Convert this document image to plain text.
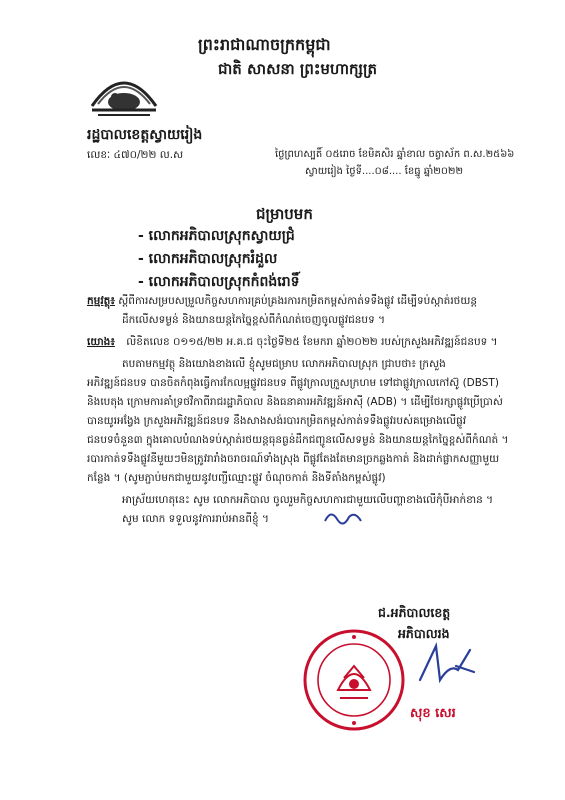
ព្រះរាជាណាចក្រកម្ពុជា
ជាតិ សាសនា ព្រះមហាក្សត្រ
រដ្ឋបាលខេត្តស្វាយរៀង
លេខៈ ៤៧០/២២ ល.ស	ថ្ងៃព្រហស្បតិ៍ ០៥រោច ខែមិគសិរ ឆ្នាំខាល ចត្វាស័ក ព.ស.២៥៦៦
ស្វាយរៀង ថ្ងៃទី....០៨.... ខែធ្នូ ឆ្នាំ២០២២
ជម្រាបមក
- លោកអភិបាលស្រុកស្វាយជ្រំ
- លោកអភិបាលស្រុករំដួល
- លោកអភិបាលស្រុកកំពង់រោទិ៍
កម្មវត្ថុ៖ ស្តីពីការសម្របសម្រួលកិច្ចសហការគ្រប់គ្រងរការកម្រិតកម្ពស់កាត់ទទឹងផ្លូវ ដើម្បីទប់ស្កាត់រថយន្ត
ដឹកលើសទម្ងន់ និងយានយន្តកៃច្នៃខ្ពស់ពីកំណត់ចេញចូលផ្លូវជនបទ ។
យោង៖ លិខិតលេខ ០១១៥/២២ អ.គ.ជ ចុះថ្ងៃទី២៥ ខែមករា ឆ្នាំ២០២២ របស់ក្រសួងអភិវឌ្ឍន៍ជនបទ ។
តបតាមកម្មវត្ថុ និងយោងខាងលើ ខ្ញុំសូមជម្រាប លោកអភិបាលស្រុក ជ្រាបថា៖ ក្រសួង
អភិវឌ្ឍន៍ជនបទ បានចិតកំពុងធ្វើការកែលម្អផ្លូវជនបទ ពីផ្លូវក្រាលក្រួសក្រហម ទៅជាផ្លូវក្រាលកៅស៊ូ (DBST)
និងបេតុង ក្រោមការគាំទ្រថវិកាពីរាជរដ្ឋាភិបាល និងធនាគារអភិវឌ្ឍន៍អាស៊ី (ADB) ។ ដើម្បីថែរក្សាផ្លូវប្រើប្រាស់
បានយូរអង្វែង ក្រសួងអភិវឌ្ឍន៍ជនបទ នឹងសាងសង់របារកម្រិតកម្ពស់កាត់ទទឹងផ្លូវរបស់គម្រោងលើផ្លូវ
ជនបទចំនួន៣ ក្នុងគោលបំណងទប់ស្កាត់រថយន្តធុនធ្ងន់ដឹកជញ្ជូនលើសទម្ងន់ និងយានយន្តកៃច្នៃខ្ពស់ពីកំណត់ ។
របារកាត់ទទឹងផ្លូវនីមួយៗមិនត្រូវរារាំងចរាចរណ៍ទាំងស្រុង ពីផ្លូវតែងតែមានច្រកឆ្លងកាត់ និងដាក់ផ្លាកសញ្ញាមួយ
កន្លែង ។ (សូមភ្ជាប់មកជាមួយនូវបញ្ជីឈ្មោះផ្លូវ ចំណុចកាត់ និងទីតាំងកម្ពស់ផ្លូវ)
អាស្រ័យហេតុនេះ សូម លោកអភិបាល ចូលរួមកិច្ចសហការជាមួយលើបញ្ហាខាងលើកុំបីអាក់ខាន ។
សូម លោក ទទួលនូវការរាប់អានពីខ្ញុំ ។
ជ.អភិបាលខេត្ត
អភិបាលរង
សុខ សេរ
